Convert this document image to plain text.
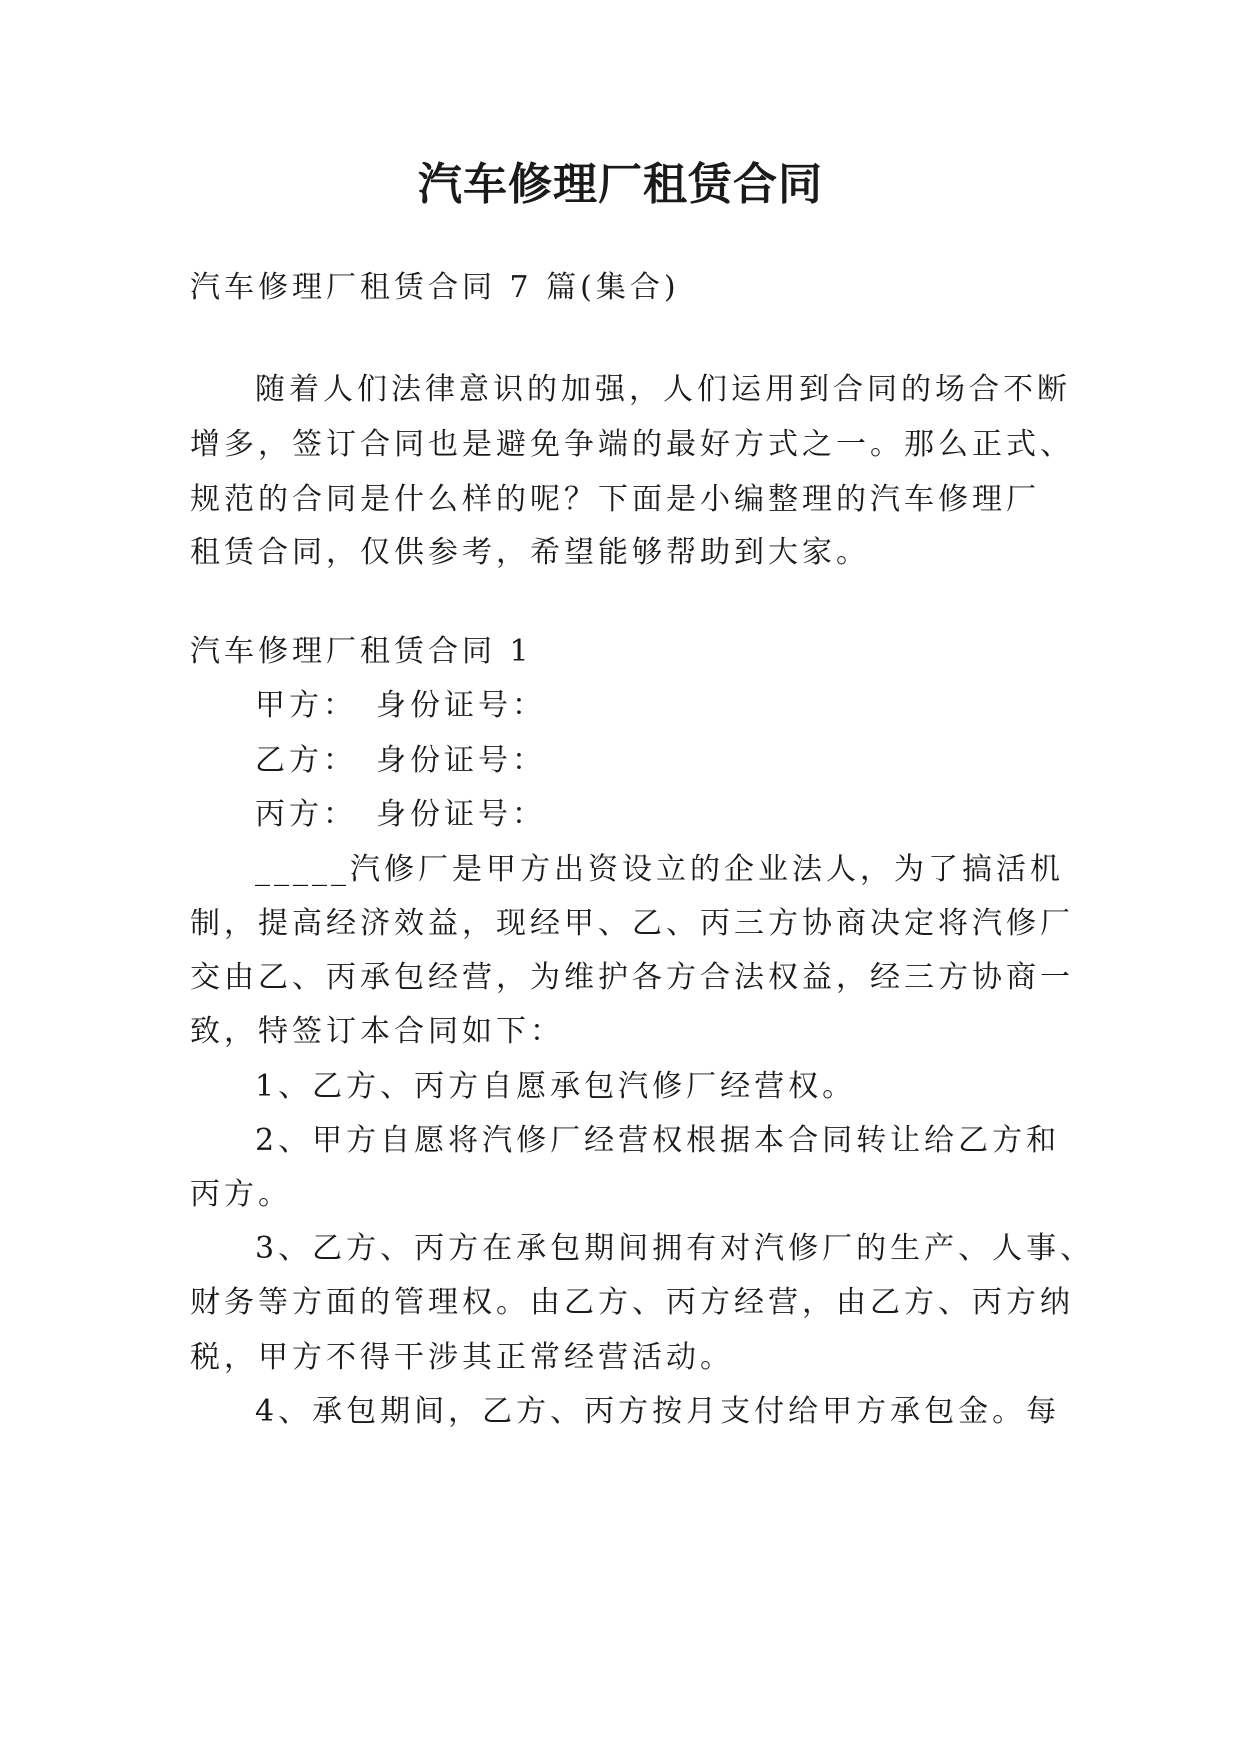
汽车修理厂租赁合同

汽车修理厂租赁合同 7 篇(集合)

随着人们法律意识的加强，人们运用到合同的场合不断

增多，签订合同也是避免争端的最好方式之一。那么正式、

规范的合同是什么样的呢？下面是小编整理的汽车修理厂

租赁合同，仅供参考，希望能够帮助到大家。

汽车修理厂租赁合同 1

甲方：　身份证号：

乙方：　身份证号：

丙方：　身份证号：

_____汽修厂是甲方出资设立的企业法人，为了搞活机

制，提高经济效益，现经甲、乙、丙三方协商决定将汽修厂

交由乙、丙承包经营，为维护各方合法权益，经三方协商一

致，特签订本合同如下：

1、乙方、丙方自愿承包汽修厂经营权。

2、甲方自愿将汽修厂经营权根据本合同转让给乙方和

丙方。

3、乙方、丙方在承包期间拥有对汽修厂的生产、人事、

财务等方面的管理权。由乙方、丙方经营，由乙方、丙方纳

税，甲方不得干涉其正常经营活动。

4、承包期间，乙方、丙方按月支付给甲方承包金。每
